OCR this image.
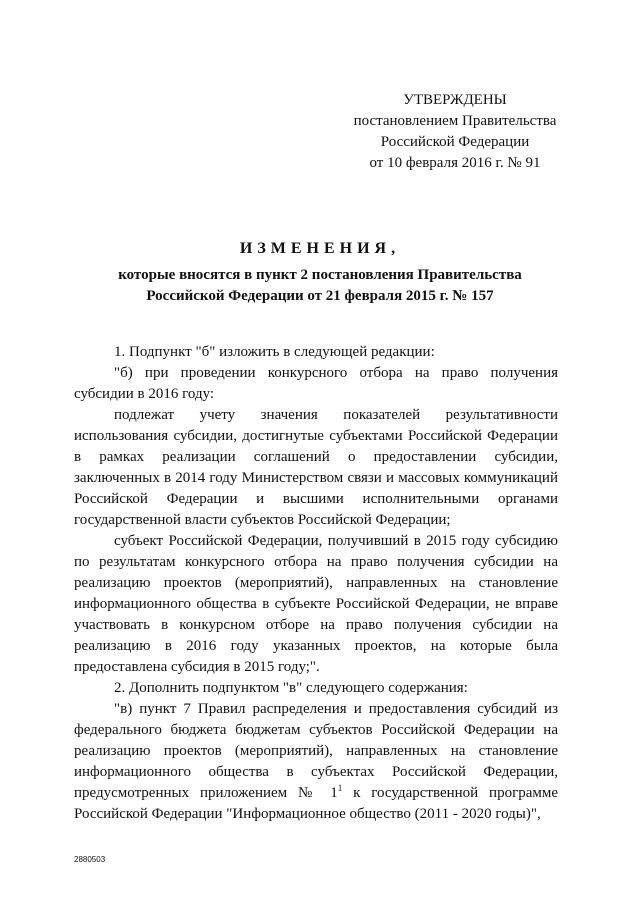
УТВЕРЖДЕНЫ
постановлением Правительства
Российской Федерации
от 10 февраля 2016 г. № 91
ИЗМЕНЕНИЯ,
которые вносятся в пункт 2 постановления Правительства
Российской Федерации от 21 февраля 2015 г. № 157
1. Подпункт "б" изложить в следующей редакции:
"б) при проведении конкурсного отбора на право получения
субсидии в 2016 году:
подлежат учету значения показателей результативности
использования субсидии, достигнутые субъектами Российской Федерации
в рамках реализации соглашений о предоставлении субсидии,
заключенных в 2014 году Министерством связи и массовых коммуникаций
Российской Федерации и высшими исполнительными органами
государственной власти субъектов Российской Федерации;
субъект Российской Федерации, получивший в 2015 году субсидию
по результатам конкурсного отбора на право получения субсидии на
реализацию проектов (мероприятий), направленных на становление
информационного общества в субъекте Российской Федерации, не вправе
участвовать в конкурсном отборе на право получения субсидии на
реализацию в 2016 году указанных проектов, на которые была
предоставлена субсидия в 2015 году;".
2. Дополнить подпунктом "в" следующего содержания:
"в) пункт 7 Правил распределения и предоставления субсидий из
федерального бюджета бюджетам субъектов Российской Федерации на
реализацию проектов (мероприятий), направленных на становление
информационного общества в субъектах Российской Федерации,
предусмотренных приложением № $1^1$ к государственной программе
Российской Федерации "Информационное общество (2011 - 2020 годы)",
2880503
